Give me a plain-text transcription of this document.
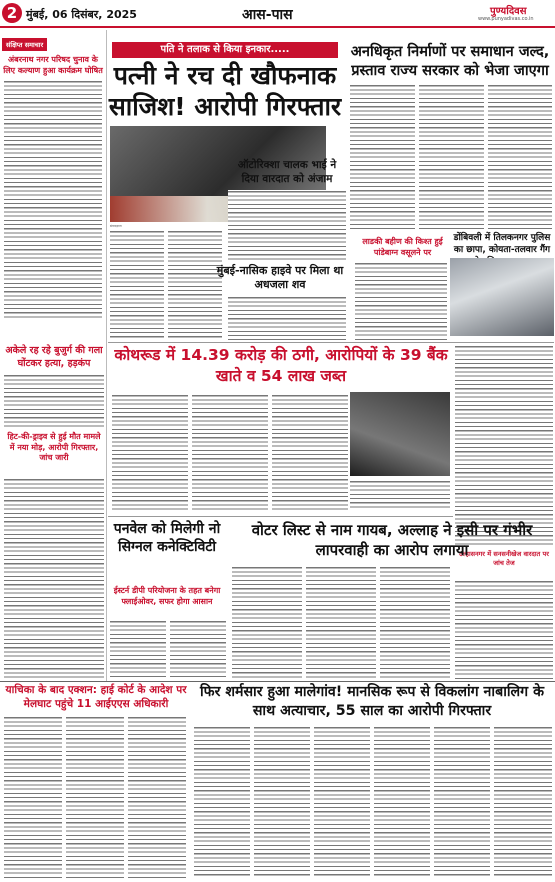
2 मुंबई, 06 दिसंबर, 2025	आस-पास	पुण्यदिवस
www.punyadivas.co.in
संक्षिप्त समाचार
अंबरनाथ नगर परिषद चुनाव के लिए कल्याण हुआ कार्यक्रम घोषित
अकेले रह रहे बुजुर्ग की गला घोंटकर हत्या, हड़कंप
हिट-की-ड्राइव से हुई मौत मामले में नया मोड़, आरोपी गिरफ्तार, जांच जारी
पति ने तलाक से किया इनकार.....
पत्नी ने रच दी खौफनाक साजिश! आरोपी गिरफ्तार
संवाददाता
ऑटोरिक्शा चालक भाई ने दिया वारदात को अंजाम
मुंबई-नासिक हाइवे पर मिला था अधजला शव
अनधिकृत निर्माणों पर समाधान जल्द, प्रस्ताव राज्य सरकार को भेजा जाएगा
लाडकी बहीण की किश्त हुई पांडेबाग्न वसूलने पर
डोंबिवली में तिलकनगर पुलिस का छापा, कोयता-तलवार गैंग
कोथरूड में 14.39 करोड़ की ठगी, आरोपियों के 39 बैंक खाते व 54 लाख जब्त
उल्हासनगर में सनसनीखेज वारदात पर जांच तेज
पनवेल को मिलेगी नो सिग्नल कनेक्टिविटी
ईस्टर्न डीपी परियोजना के तहत बनेगा फ्लाईओवर, सफर होगा आसान
वोटर लिस्ट से नाम गायब, अल्लाह ने इसी पर गंभीर लापरवाही का आरोप लगाया
याचिका के बाद एक्शन: हाई कोर्ट के आदेश पर मेलघाट पहुंचे 11 आईएएस अधिकारी
फिर शर्मसार हुआ मालेगांव! मानसिक रूप से विकलांग नाबालिग के साथ अत्याचार, 55 साल का आरोपी गिरफ्तार
